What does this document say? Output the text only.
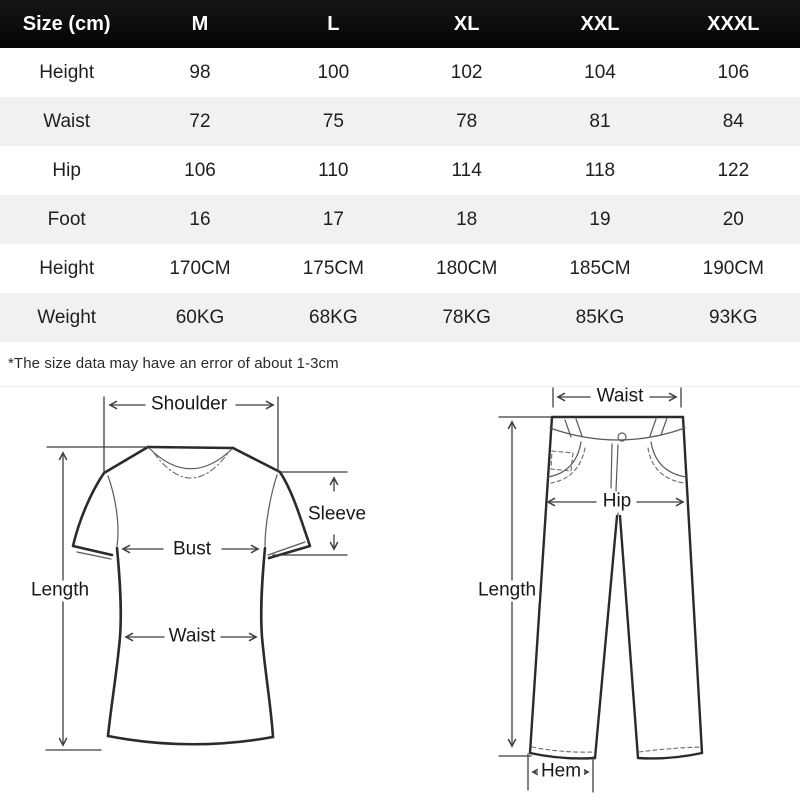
Size (cm)	M	L	XL	XXL	XXXL
Height	98	100	102	104	106
Waist	72	75	78	81	84
Hip	106	110	114	118	122
Foot	16	17	18	19	20
Height	170CM	175CM	180CM	185CM	190CM
Weight	60KG	68KG	78KG	85KG	93KG
*The size data may have an error of about 1-3cm
Shoulder
Sleeve
Bust
Waist
Length
Waist
Hip
Length
Hem
